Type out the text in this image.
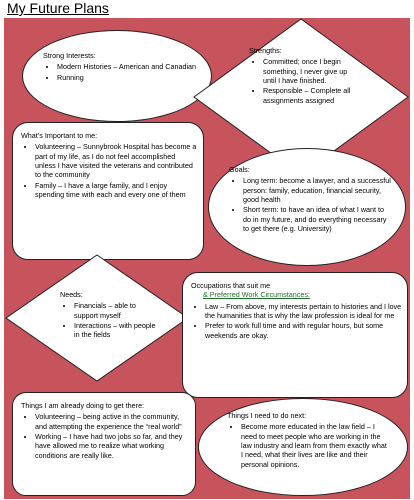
My Future Plans
Strong Interests:
• Modern Histories – American and Canadian
• Running
Strengths:
• Committed; once I begin something, I never give up until I have finished.
• Responsible – Complete all assignments assigned
What’s Important to me:
• Volunteering – Sunnybrook Hospital has become a part of my life, as I do not feel accomplished unless I have visited the veterans and contributed to the community
• Family – I have a large family, and I enjoy spending time with each and every one of them
Goals:
• Long term: become a lawyer, and a successful person: family, education, financial security, good health
• Short term: to have an idea of what I want to do in my future, and do everything necessary to get there (e.g. University)
Needs:
• Financials – able to support myself
• Interactions – with people in the fields
Occupations that suit me
& Preferred Work Circumstances:
• Law – From above, my interests pertain to histories and I love the humanities that is why the law profession is ideal for me
• Prefer to work full time and with regular hours, but some weekends are okay.
Things I am already doing to get there:
• Volunteering – being active in the community, and attempting the experience the “real world”
• Working – I have had two jobs so far, and they have allowed me to realize what working conditions are really like.
Things I need to do next:
• Become more educated in the law field – I need to meet people who are working in the law industry and learn from them exactly what I need, what their lives are like and their personal opinions.
